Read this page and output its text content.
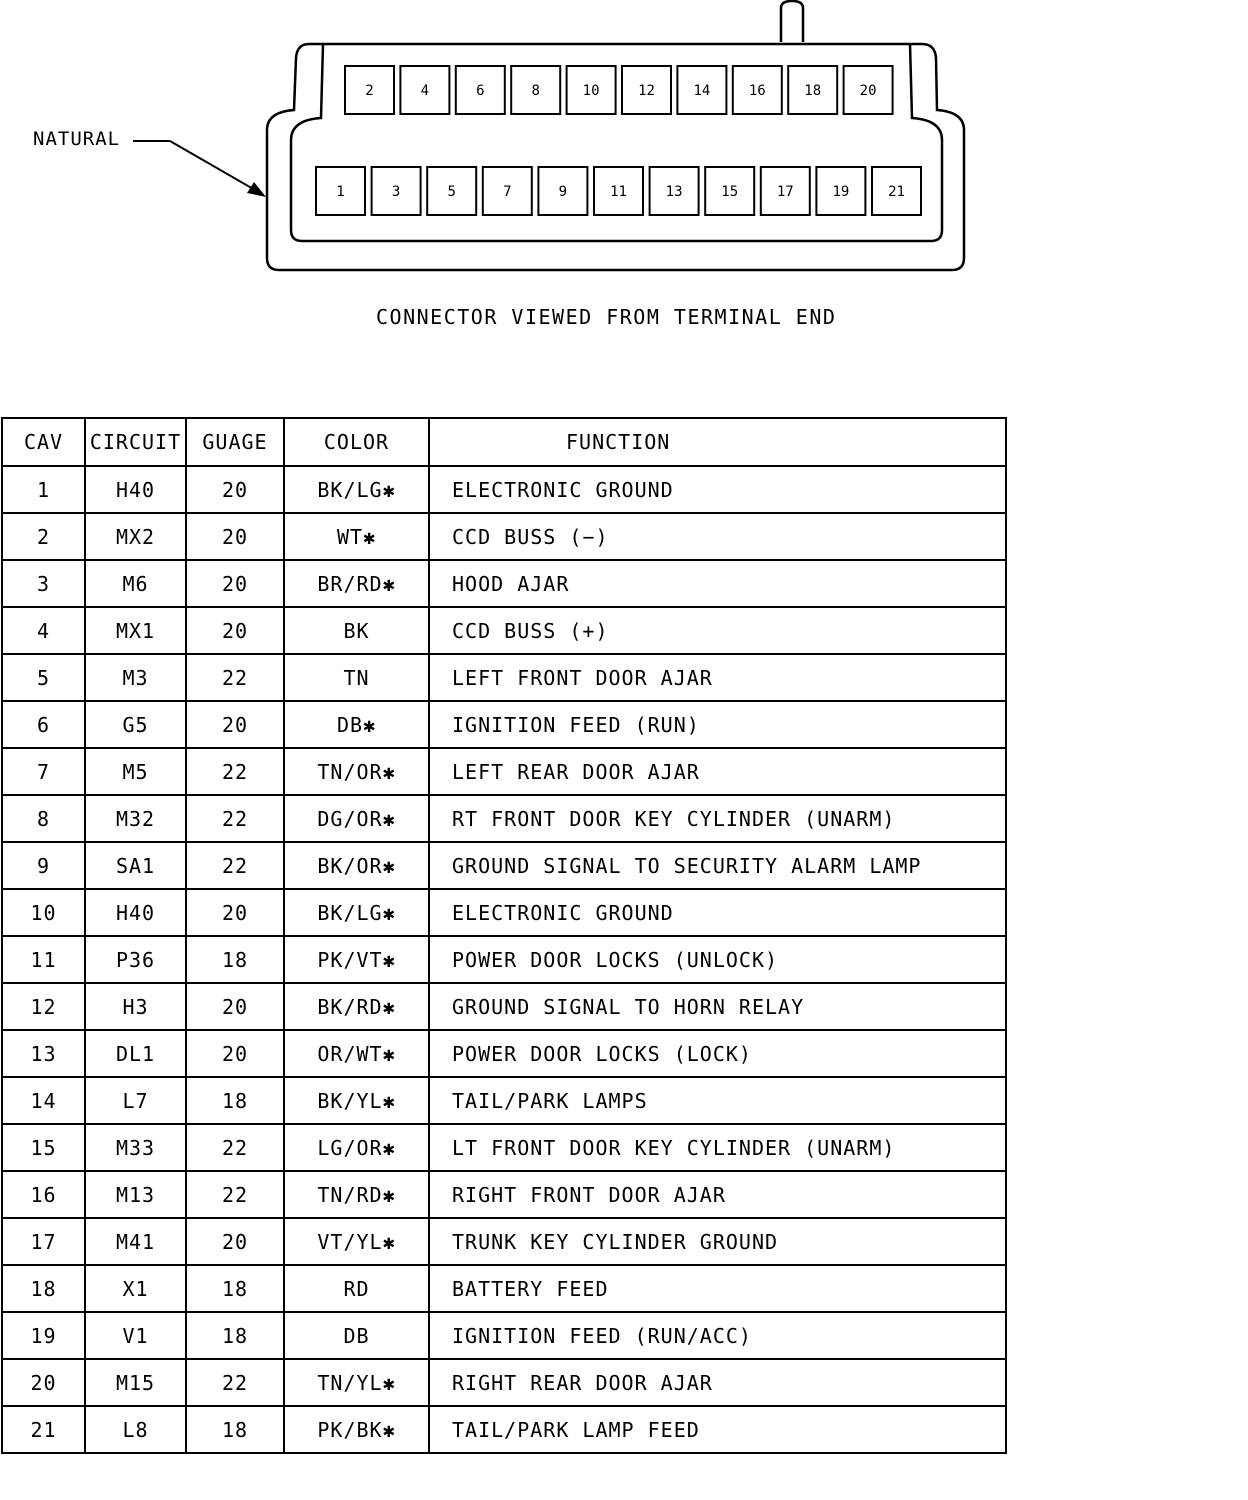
2	4	6	8	10	12	14	16	18	20
1	3	5	7	9	11	13	15	17	19	21
NATURAL
CONNECTOR VIEWED FROM TERMINAL END
CAV	CIRCUIT	GUAGE	COLOR	FUNCTION
1	H40	20	BK/LG✱	ELECTRONIC GROUND
2	MX2	20	WT✱	CCD BUSS (−)
3	M6	20	BR/RD✱	HOOD AJAR
4	MX1	20	BK	CCD BUSS (+)
5	M3	22	TN	LEFT FRONT DOOR AJAR
6	G5	20	DB✱	IGNITION FEED (RUN)
7	M5	22	TN/OR✱	LEFT REAR DOOR AJAR
8	M32	22	DG/OR✱	RT FRONT DOOR KEY CYLINDER (UNARM)
9	SA1	22	BK/OR✱	GROUND SIGNAL TO SECURITY ALARM LAMP
10	H40	20	BK/LG✱	ELECTRONIC GROUND
11	P36	18	PK/VT✱	POWER DOOR LOCKS (UNLOCK)
12	H3	20	BK/RD✱	GROUND SIGNAL TO HORN RELAY
13	DL1	20	OR/WT✱	POWER DOOR LOCKS (LOCK)
14	L7	18	BK/YL✱	TAIL/PARK LAMPS
15	M33	22	LG/OR✱	LT FRONT DOOR KEY CYLINDER (UNARM)
16	M13	22	TN/RD✱	RIGHT FRONT DOOR AJAR
17	M41	20	VT/YL✱	TRUNK KEY CYLINDER GROUND
18	X1	18	RD	BATTERY FEED
19	V1	18	DB	IGNITION FEED (RUN/ACC)
20	M15	22	TN/YL✱	RIGHT REAR DOOR AJAR
21	L8	18	PK/BK✱	TAIL/PARK LAMP FEED
